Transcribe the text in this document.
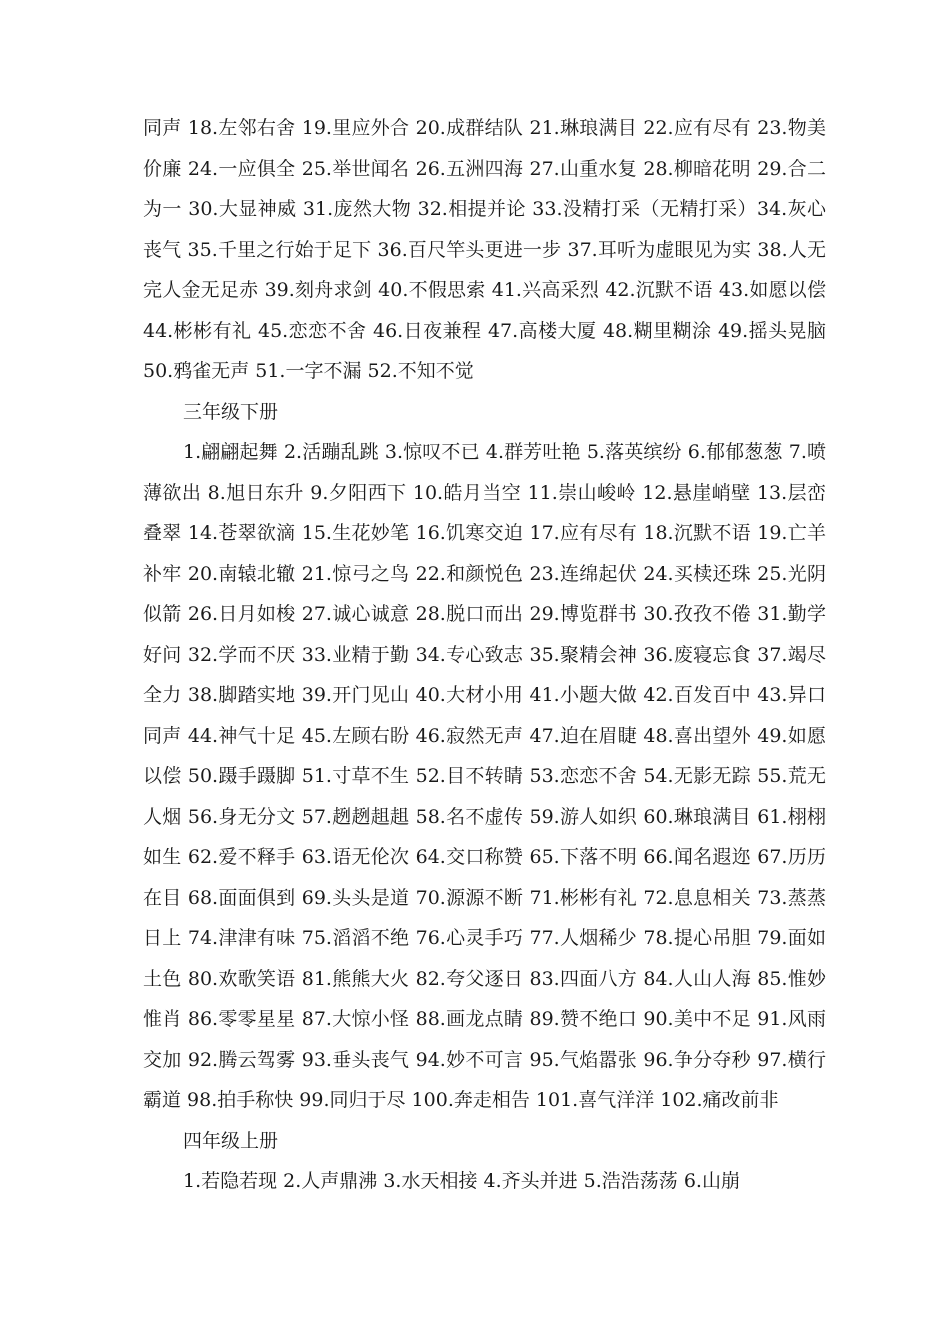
同声 18.左邻右舍 19.里应外合 20.成群结队 21.琳琅满目 22.应有尽有 23.物美价廉 24.一应俱全 25.举世闻名 26.五洲四海 27.山重水复 28.柳暗花明 29.合二为一 30.大显神威 31.庞然大物 32.相提并论 33.没精打采（无精打采）34.灰心丧气 35.千里之行始于足下 36.百尺竿头更进一步 37.耳听为虚眼见为实 38.人无完人金无足赤 39.刻舟求剑 40.不假思索 41.兴高采烈 42.沉默不语 43.如愿以偿 44.彬彬有礼 45.恋恋不舍 46.日夜兼程 47.高楼大厦 48.糊里糊涂 49.摇头晃脑 50.鸦雀无声 51.一字不漏 52.不知不觉

三年级下册

1.翩翩起舞 2.活蹦乱跳 3.惊叹不已 4.群芳吐艳 5.落英缤纷 6.郁郁葱葱 7.喷薄欲出 8.旭日东升 9.夕阳西下 10.皓月当空 11.崇山峻岭 12.悬崖峭壁 13.层峦叠翠 14.苍翠欲滴 15.生花妙笔 16.饥寒交迫 17.应有尽有 18.沉默不语 19.亡羊补牢 20.南辕北辙 21.惊弓之鸟 22.和颜悦色 23.连绵起伏 24.买椟还珠 25.光阴似箭 26.日月如梭 27.诚心诚意 28.脱口而出 29.博览群书 30.孜孜不倦 31.勤学好问 32.学而不厌 33.业精于勤 34.专心致志 35.聚精会神 36.废寝忘食 37.竭尽全力 38.脚踏实地 39.开门见山 40.大材小用 41.小题大做 42.百发百中 43.异口同声 44.神气十足 45.左顾右盼 46.寂然无声 47.迫在眉睫 48.喜出望外 49.如愿以偿 50.蹑手蹑脚 51.寸草不生 52.目不转睛 53.恋恋不舍 54.无影无踪 55.荒无人烟 56.身无分文 57.趔趔趄趄 58.名不虚传 59.游人如织 60.琳琅满目 61.栩栩如生 62.爱不释手 63.语无伦次 64.交口称赞 65.下落不明 66.闻名遐迩 67.历历在目 68.面面俱到 69.头头是道 70.源源不断 71.彬彬有礼 72.息息相关 73.蒸蒸日上 74.津津有味 75.滔滔不绝 76.心灵手巧 77.人烟稀少 78.提心吊胆 79.面如土色 80.欢歌笑语 81.熊熊大火 82.夸父逐日 83.四面八方 84.人山人海 85.惟妙惟肖 86.零零星星 87.大惊小怪 88.画龙点睛 89.赞不绝口 90.美中不足 91.风雨交加 92.腾云驾雾 93.垂头丧气 94.妙不可言 95.气焰嚣张 96.争分夺秒 97.横行霸道 98.拍手称快 99.同归于尽 100.奔走相告 101.喜气洋洋 102.痛改前非

四年级上册

1.若隐若现 2.人声鼎沸 3.水天相接 4.齐头并进 5.浩浩荡荡 6.山崩
